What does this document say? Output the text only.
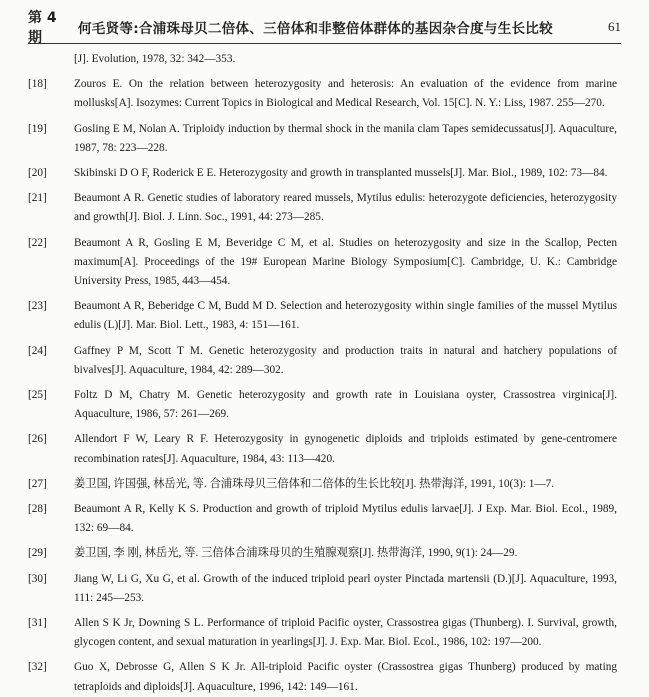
第 4 期
何毛贤等:合浦珠母贝二倍体、三倍体和非整倍体群体的基因杂合度与生长比较	61
[J]. Evolution, 1978, 32: 342—353.
[18]	Zouros E. On the relation between heterozygosity and heterosis: An evaluation of the evidence from marine mollusks[A]. Isozymes: Current Topics in Biological and Medical Research, Vol. 15[C]. N. Y.: Liss, 1987. 255—270.
[19]	Gosling E M, Nolan A. Triploidy induction by thermal shock in the manila clam Tapes semidecussatus[J]. Aquaculture, 1987, 78: 223—228.
[20]	Skibinski D O F, Roderick E E. Heterozygosity and growth in transplanted mussels[J]. Mar. Biol., 1989, 102: 73—84.
[21]	Beaumont A R. Genetic studies of laboratory reared mussels, Mytilus edulis: heterozygote deficiencies, heterozygosity and growth[J]. Biol. J. Linn. Soc., 1991, 44: 273—285.
[22]	Beaumont A R, Gosling E M, Beveridge C M, et al. Studies on heterozygosity and size in the Scallop, Pecten maximum[A]. Proceedings of the 19# European Marine Biology Symposium[C]. Cambridge, U. K.: Cambridge University Press, 1985, 443—454.
[23]	Beaumont A R, Beberidge C M, Budd M D. Selection and heterozygosity within single families of the mussel Mytilus edulis (L)[J]. Mar. Biol. Lett., 1983, 4: 151—161.
[24]	Gaffney P M, Scott T M. Genetic heterozygosity and production traits in natural and hatchery populations of bivalves[J]. Aquaculture, 1984, 42: 289—302.
[25]	Foltz D M, Chatry M. Genetic heterozygosity and growth rate in Louisiana oyster, Crassostrea virginica[J]. Aquaculture, 1986, 57: 261—269.
[26]	Allendort F W, Leary R F. Heterozygosity in gynogenetic diploids and triploids estimated by gene-centromere recombination rates[J]. Aquaculture, 1984, 43: 113—420.
[27]	姜卫国, 许国强, 林岳光, 等. 合浦珠母贝三倍体和二倍体的生长比较[J]. 热带海洋, 1991, 10(3): 1—7.
[28]	Beaumont A R, Kelly K S. Production and growth of triploid Mytilus edulis larvae[J]. J Exp. Mar. Biol. Ecol., 1989, 132: 69—84.
[29]	姜卫国, 李 刚, 林岳光, 等. 三倍体合浦珠母贝的生殖腺观察[J]. 热带海洋, 1990, 9(1): 24—29.
[30]	Jiang W, Li G, Xu G, et al. Growth of the induced triploid pearl oyster Pinctada martensii (D.)[J]. Aquaculture, 1993, 111: 245—253.
[31]	Allen S K Jr, Downing S L. Performance of triploid Pacific oyster, Crassostrea gigas (Thunberg). I. Survival, growth, glycogen content, and sexual maturation in yearlings[J]. J. Exp. Mar. Biol. Ecol., 1986, 102: 197—200.
[32]	Guo X, Debrosse G, Allen S K Jr. All-triploid Pacific oyster (Crassostrea gigas Thunberg) produced by mating tetraploids and diploids[J]. Aquaculture, 1996, 142: 149—161.
